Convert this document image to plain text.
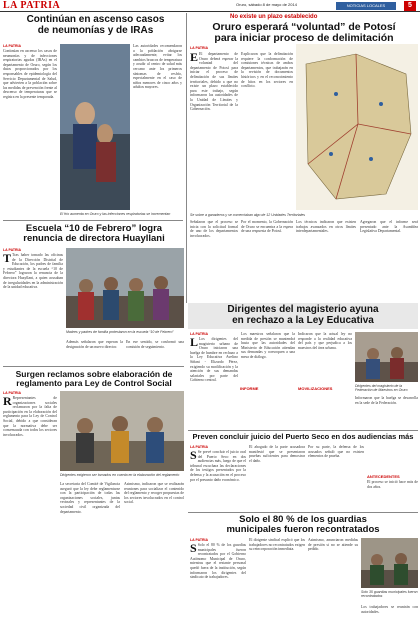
LA PATRIA	Oruro, sábado 8 de mayo de 2014	NOTICIAS LOCALES	5
Continúan en ascenso casos
de neumonías y de IRAs
LA PATRIA
Continúan en ascenso los casos de neumonías y de infecciones respiratorias agudas (IRAs) en el departamento de Oruro, según los datos proporcionados por los responsables de epidemiología del Servicio Departamental de Salud, que advierten a la población sobre las medidas de prevención frente al descenso de temperaturas que se registra en la presente temporada.
Las autoridades recomendaron a la población abrigarse adecuadamente, evitar los cambios bruscos de temperatura y acudir al centro de salud más cercano ante los primeros síntomas de resfrío, especialmente en el caso de niños menores de cinco años y adultos mayores.
El frío aumenta en Oruro y las infecciones respiratorias se incrementan
Escuela “10 de Febrero” logra
renuncia de directora Huayllani
LA PATRIA
T Tras haber tomado las oficinas de la Dirección Distrital de Educación, los padres de familia y estudiantes de la escuela “10 de Febrero” lograron la renuncia de la directora Huayllani, a quien acusaban de irregularidades en la administración de la unidad educativa.
Madres y padres de familia protestaron en la escuela “10 de Febrero”
Además señalaron que esperan la designación de un nuevo director.
En ese sentido, se conformó una comisión de seguimiento.
Surgen reclamos sobre elaboración de
reglamento para Ley de Control Social
LA PATRIA
R Representantes de organizaciones sociales reclamaron por la falta de participación en la elaboración del reglamento para la Ley de Control Social, debido a que consideran que la normativa debe ser consensuada con todos los sectores involucrados.
Dirigentes exigieron ser tomados en cuenta en la elaboración del reglamento
La secretaria del Comité de Vigilancia aseguró que la ley debe reglamentarse con la participación de todas las organizaciones sociales, juntas vecinales y representantes de la sociedad civil organizada del departamento.
Asimismo, indicaron que se realizarán reuniones para socializar el contenido del reglamento y recoger propuestas de los sectores involucrados en el control social.
No existe un plazo establecido
Oruro esperará “voluntad” de Potosí
para iniciar proceso de delimitación
LA PATRIA
E El departamento de Oruro deberá esperar la voluntad del departamento de Potosí para iniciar el proceso de delimitación de sus límites territoriales, debido a que no existe un plazo establecido para este trabajo, según informaron las autoridades de la Unidad de Límites y Organización Territorial de la Gobernación.
Explicaron que la delimitación requiere la conformación de comisiones técnicas de ambos departamentos, que trabajarán en la revisión de documentos históricos y en el reconocimiento de hitos en los sectores en conflicto.
Se sobre a ganaderos y se comerciaban algo de 12 Unidades Territoriales
Señalaron que el proceso se inicia con la solicitud formal de uno de los departamentos involucrados.
Por el momento, la Gobernación de Oruro se encuentra a la espera de una respuesta de Potosí.
Los técnicos indicaron que existen trabajos avanzados en otros límites interdepartamentales.
Agregaron que el informe será presentado ante la Asamblea Legislativa Departamental.
Dirigentes del magisterio ayuna
en rechazo a la Ley Educativa
LA PATRIA
L Los dirigentes del magisterio urbano de Oruro iniciaron una huelga de hambre en rechazo a la Ley Educativa Avelino Siñani - Elizardo Pérez, exigiendo su modificación y la atención de sus demandas salariales por parte del Gobierno central.
Los maestros señalaron que la medida de presión se mantendrá hasta que las autoridades del Ministerio de Educación atiendan sus demandas y convoquen a una mesa de diálogo.
Indicaron que la actual ley no responde a la realidad educativa del país y que perjudica a los maestros del área urbana.
Dirigentes del magisterio de la Federación de Maestros en Oruro
MOVILIZACIONES
INFORME
Informaron que la huelga se desarrolla en la sede de la Federación.
Preven concluir juicio del Puerto Seco en dos audiencias más
LA PATRIA
S Se prevé concluir el juicio oral del Puerto Seco en dos audiencias más, luego de que el tribunal escuchara las declaraciones de los testigos presentados por la defensa y la acusación en el proceso por el presunto daño económico.
El abogado de la parte acusadora manifestó que se presentaron pruebas suficientes para demostrar el daño.
Por su parte, la defensa de los acusados señaló que no existen elementos de prueba.
ANTECEDENTES
El proceso se inició hace más de dos años.
Solo el 80 % de los guardias
municipales fueron recontratados
LA PATRIA
S Solo el 80 % de los guardias municipales fueron recontratados por el Gobierno Autónomo Municipal de Oruro, mientras que el restante personal quedó fuera de la institución, según informaron los dirigentes del sindicato de trabajadores.
El dirigente sindical explicó que los trabajadores no recontratados exigen su reincorporación inmediata.
Asimismo, anunciaron medidas de presión si no se atiende su pedido.
Solo 35 guardias municipales fueron recontratados
Los trabajadores se reunirán con autoridades.
